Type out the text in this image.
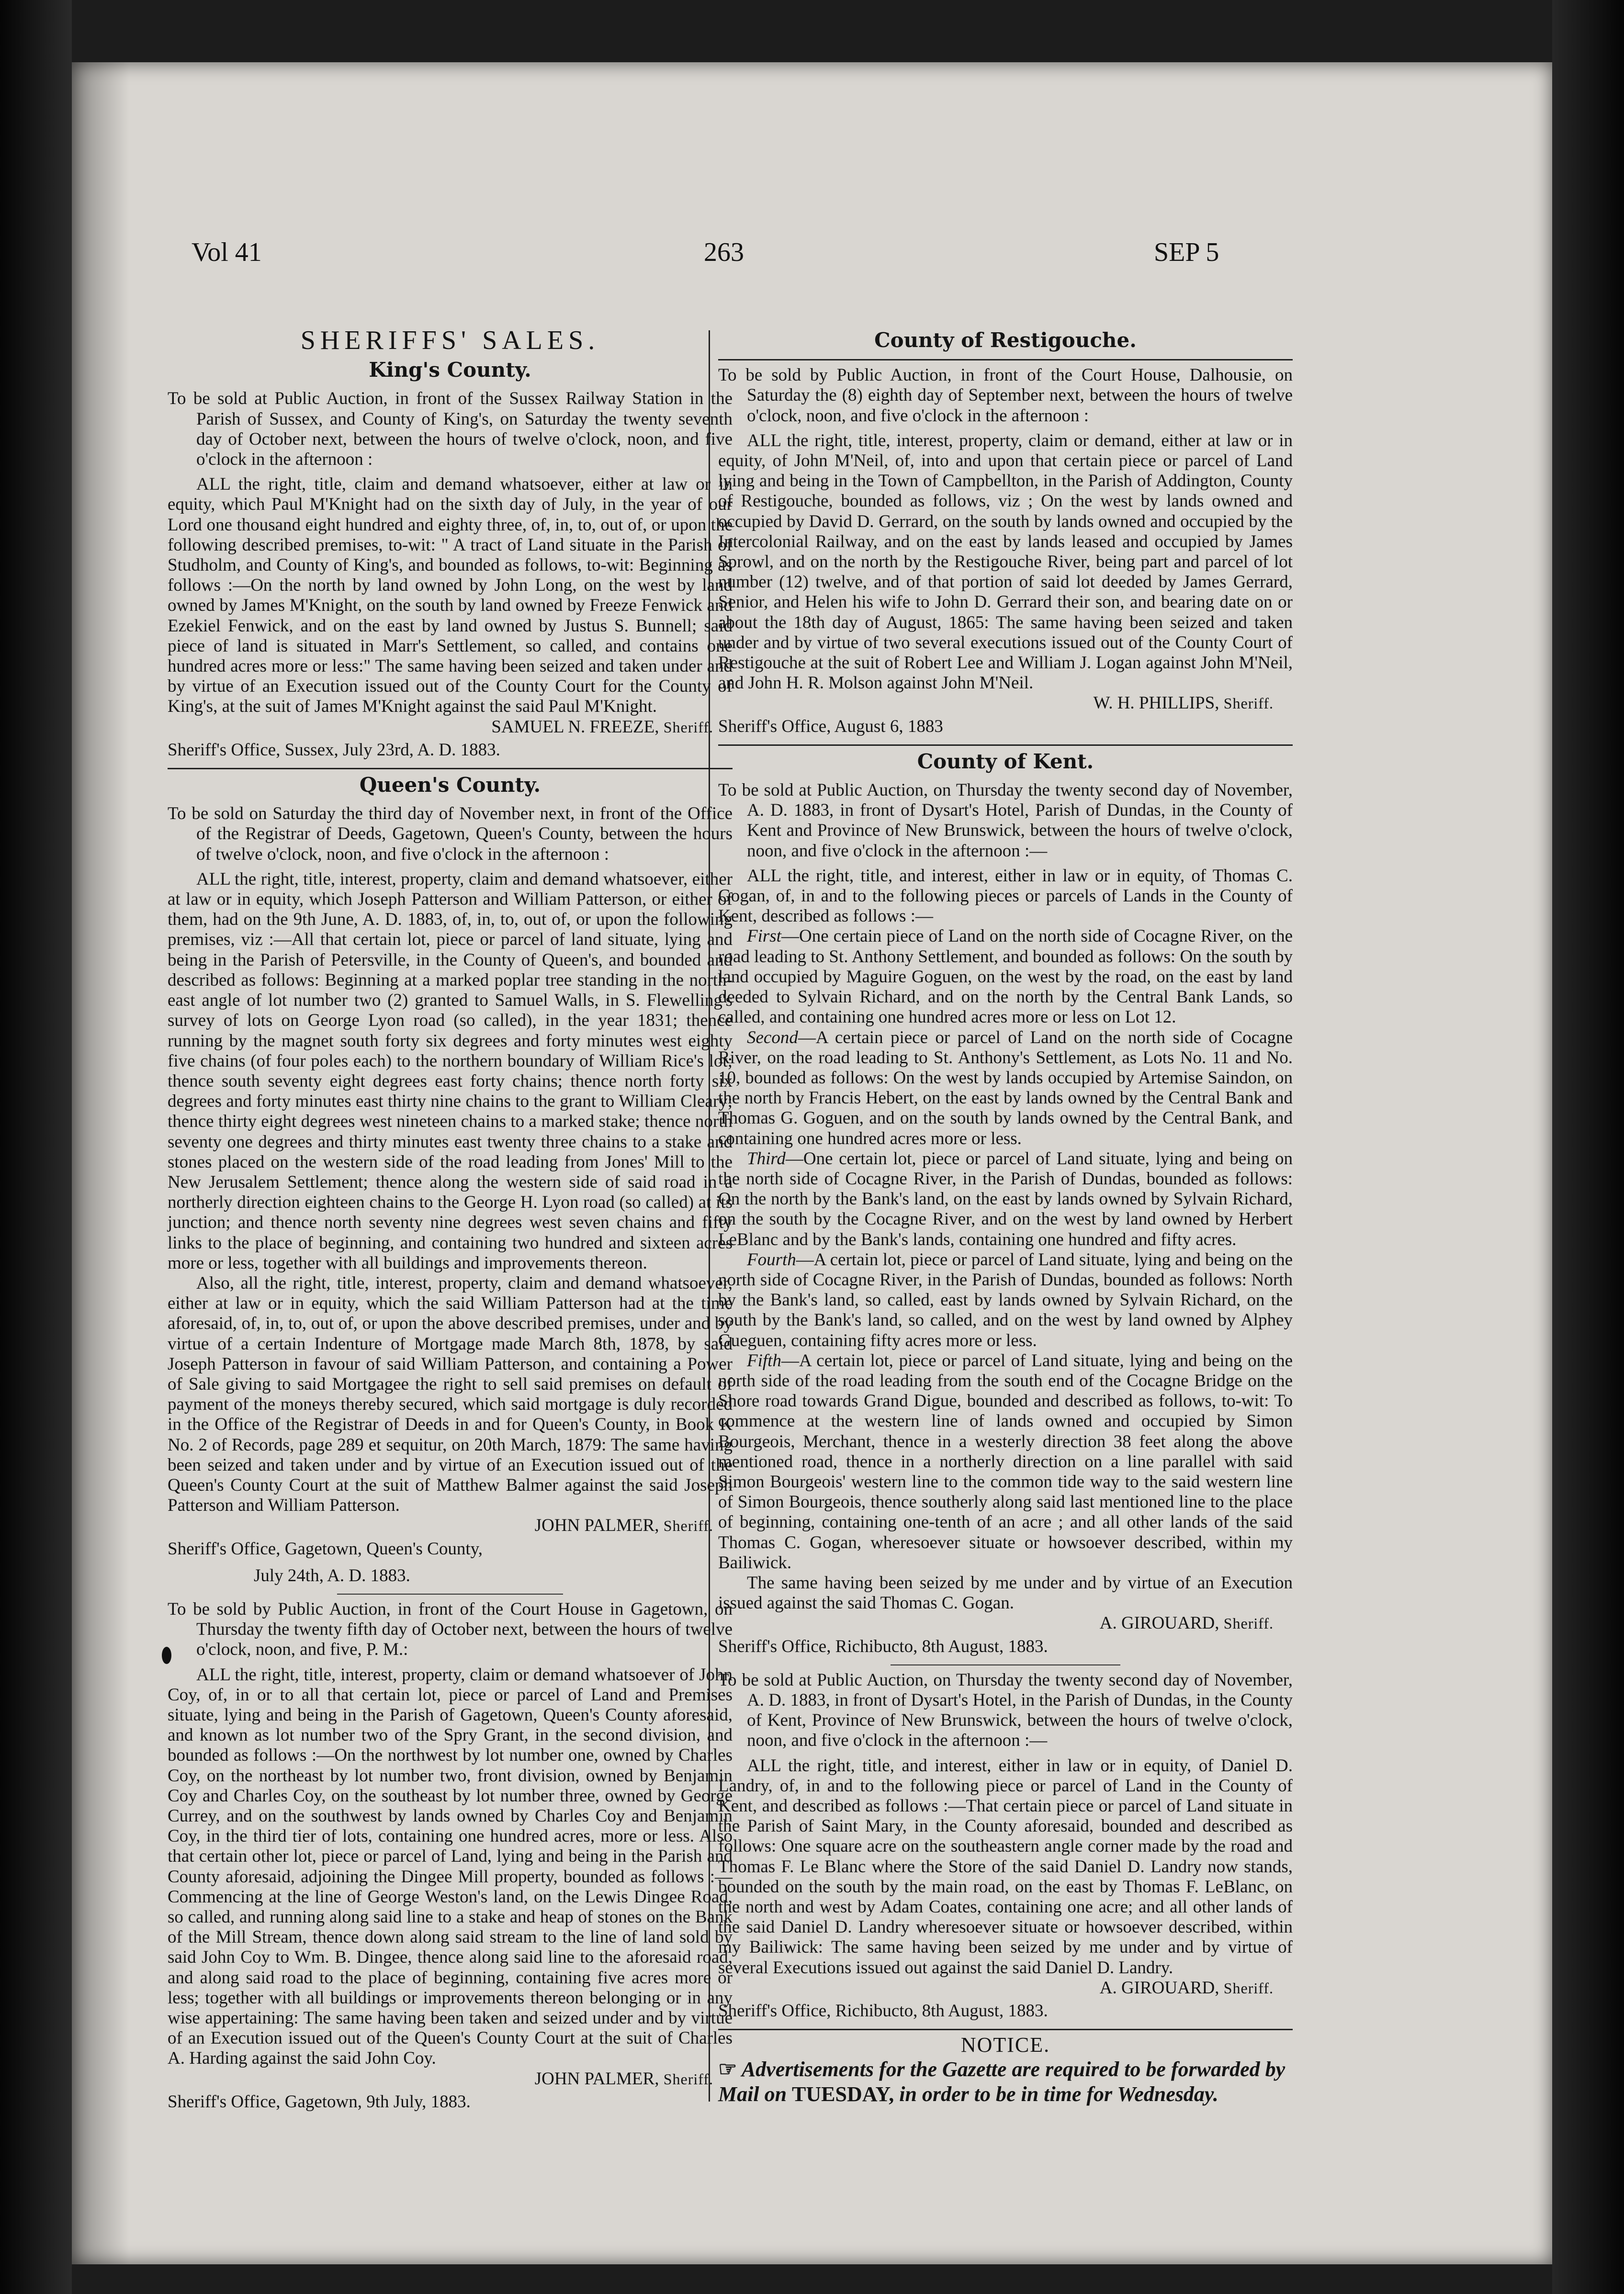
Vol 41	263	SEP 5
SHERIFFS' SALES.
King's County.

To be sold at Public Auction, in front of the Sussex Railway Station in the Parish of Sussex, and County of King's, on Saturday the twenty seventh day of October next, between the hours of twelve o'clock, noon, and five o'clock in the afternoon :

ALL the right, title, claim and demand whatsoever, either at law or in equity, which Paul M'Knight had on the sixth day of July, in the year of our Lord one thousand eight hundred and eighty three, of, in, to, out of, or upon the following described premises, to-wit: " A tract of Land situate in the Parish of Studholm, and County of King's, and bounded as follows, to-wit: Beginning as follows :—On the north by land owned by John Long, on the west by land owned by James M'Knight, on the south by land owned by Freeze Fenwick and Ezekiel Fenwick, and on the east by land owned by Justus S. Bunnell; said piece of land is situated in Marr's Settlement, so called, and contains one hundred acres more or less:" The same having been seized and taken under and by virtue of an Execution issued out of the County Court for the County of King's, at the suit of James M'Knight against the said Paul M'Knight.

SAMUEL N. FREEZE, Sheriff.

Sheriff's Office, Sussex, July 23rd, A. D. 1883.

Queen's County.

To be sold on Saturday the third day of November next, in front of the Office of the Registrar of Deeds, Gagetown, Queen's County, between the hours of twelve o'clock, noon, and five o'clock in the afternoon :

ALL the right, title, interest, property, claim and demand whatsoever, either at law or in equity, which Joseph Patterson and William Patterson, or either of them, had on the 9th June, A. D. 1883, of, in, to, out of, or upon the following premises, viz :—All that certain lot, piece or parcel of land situate, lying and being in the Parish of Petersville, in the County of Queen's, and bounded and described as follows: Beginning at a marked poplar tree standing in the north-east angle of lot number two (2) granted to Samuel Walls, in S. Flewelling's survey of lots on George Lyon road (so called), in the year 1831; thence running by the magnet south forty six degrees and forty minutes west eighty five chains (of four poles each) to the northern boundary of William Rice's lot; thence south seventy eight degrees east forty chains; thence north forty six degrees and forty minutes east thirty nine chains to the grant to William Cleary; thence thirty eight degrees west nineteen chains to a marked stake; thence north seventy one degrees and thirty minutes east twenty three chains to a stake and stones placed on the western side of the road leading from Jones' Mill to the New Jerusalem Settlement; thence along the western side of said road in a northerly direction eighteen chains to the George H. Lyon road (so called) at its junction; and thence north seventy nine degrees west seven chains and fifty links to the place of beginning, and containing two hundred and sixteen acres more or less, together with all buildings and improvements thereon.

Also, all the right, title, interest, property, claim and demand whatsoever, either at law or in equity, which the said William Patterson had at the time aforesaid, of, in, to, out of, or upon the above described premises, under and by virtue of a certain Indenture of Mortgage made March 8th, 1878, by said Joseph Patterson in favour of said William Patterson, and containing a Power of Sale giving to said Mortgagee the right to sell said premises on default of payment of the moneys thereby secured, which said mortgage is duly recorded in the Office of the Registrar of Deeds in and for Queen's County, in Book K No. 2 of Records, page 289 et sequitur, on 20th March, 1879: The same having been seized and taken under and by virtue of an Execution issued out of the Queen's County Court at the suit of Matthew Balmer against the said Joseph Patterson and William Patterson.

JOHN PALMER, Sheriff.

Sheriff's Office, Gagetown, Queen's County,

July 24th, A. D. 1883.

To be sold by Public Auction, in front of the Court House in Gagetown, on Thursday the twenty fifth day of October next, between the hours of twelve o'clock, noon, and five, P. M.:

ALL the right, title, interest, property, claim or demand whatsoever of John Coy, of, in or to all that certain lot, piece or parcel of Land and Premises situate, lying and being in the Parish of Gagetown, Queen's County aforesaid, and known as lot number two of the Spry Grant, in the second division, and bounded as follows :—On the northwest by lot number one, owned by Charles Coy, on the northeast by lot number two, front division, owned by Benjamin Coy and Charles Coy, on the southeast by lot number three, owned by George Currey, and on the southwest by lands owned by Charles Coy and Benjamin Coy, in the third tier of lots, containing one hundred acres, more or less. Also that certain other lot, piece or parcel of Land, lying and being in the Parish and County aforesaid, adjoining the Dingee Mill property, bounded as follows :—Commencing at the line of George Weston's land, on the Lewis Dingee Road, so called, and running along said line to a stake and heap of stones on the Bank of the Mill Stream, thence down along said stream to the line of land sold by said John Coy to Wm. B. Dingee, thence along said line to the aforesaid road, and along said road to the place of beginning, containing five acres more or less; together with all buildings or improvements thereon belonging or in any wise appertaining: The same having been taken and seized under and by virtue of an Execution issued out of the Queen's County Court at the suit of Charles A. Harding against the said John Coy.

JOHN PALMER, Sheriff.

Sheriff's Office, Gagetown, 9th July, 1883.

County of Restigouche.

To be sold by Public Auction, in front of the Court House, Dalhousie, on Saturday the (8) eighth day of September next, between the hours of twelve o'clock, noon, and five o'clock in the afternoon :

ALL the right, title, interest, property, claim or demand, either at law or in equity, of John M'Neil, of, into and upon that certain piece or parcel of Land lying and being in the Town of Campbellton, in the Parish of Addington, County of Restigouche, bounded as follows, viz ; On the west by lands owned and occupied by David D. Gerrard, on the south by lands owned and occupied by the Intercolonial Railway, and on the east by lands leased and occupied by James Sprowl, and on the north by the Restigouche River, being part and parcel of lot number (12) twelve, and of that portion of said lot deeded by James Gerrard, Senior, and Helen his wife to John D. Gerrard their son, and bearing date on or about the 18th day of August, 1865: The same having been seized and taken under and by virtue of two several executions issued out of the County Court of Restigouche at the suit of Robert Lee and William J. Logan against John M'Neil, and John H. R. Molson against John M'Neil.

W. H. PHILLIPS, Sheriff.

Sheriff's Office, August 6, 1883

County of Kent.

To be sold at Public Auction, on Thursday the twenty second day of November, A. D. 1883, in front of Dysart's Hotel, Parish of Dundas, in the County of Kent and Province of New Brunswick, between the hours of twelve o'clock, noon, and five o'clock in the afternoon :—

ALL the right, title, and interest, either in law or in equity, of Thomas C. Gogan, of, in and to the following pieces or parcels of Lands in the County of Kent, described as follows :—

First—One certain piece of Land on the north side of Cocagne River, on the road leading to St. Anthony Settlement, and bounded as follows: On the south by land occupied by Maguire Goguen, on the west by the road, on the east by land deeded to Sylvain Richard, and on the north by the Central Bank Lands, so called, and containing one hundred acres more or less on Lot 12.

Second—A certain piece or parcel of Land on the north side of Cocagne River, on the road leading to St. Anthony's Settlement, as Lots No. 11 and No. 10, bounded as follows: On the west by lands occupied by Artemise Saindon, on the north by Francis Hebert, on the east by lands owned by the Central Bank and Thomas G. Goguen, and on the south by lands owned by the Central Bank, and containing one hundred acres more or less.

Third—One certain lot, piece or parcel of Land situate, lying and being on the north side of Cocagne River, in the Parish of Dundas, bounded as follows: On the north by the Bank's land, on the east by lands owned by Sylvain Richard, on the south by the Cocagne River, and on the west by land owned by Herbert LeBlanc and by the Bank's lands, containing one hundred and fifty acres.

Fourth—A certain lot, piece or parcel of Land situate, lying and being on the north side of Cocagne River, in the Parish of Dundas, bounded as follows: North by the Bank's land, so called, east by lands owned by Sylvain Richard, on the south by the Bank's land, so called, and on the west by land owned by Alphey Gueguen, containing fifty acres more or less.

Fifth—A certain lot, piece or parcel of Land situate, lying and being on the north side of the road leading from the south end of the Cocagne Bridge on the Shore road towards Grand Digue, bounded and described as follows, to-wit: To commence at the western line of lands owned and occupied by Simon Bourgeois, Merchant, thence in a westerly direction 38 feet along the above mentioned road, thence in a northerly direction on a line parallel with said Simon Bourgeois' western line to the common tide way to the said western line of Simon Bourgeois, thence southerly along said last mentioned line to the place of beginning, containing one-tenth of an acre ; and all other lands of the said Thomas C. Gogan, wheresoever situate or howsoever described, within my Bailiwick.

The same having been seized by me under and by virtue of an Execution issued against the said Thomas C. Gogan.

A. GIROUARD, Sheriff.

Sheriff's Office, Richibucto, 8th August, 1883.

To be sold at Public Auction, on Thursday the twenty second day of November, A. D. 1883, in front of Dysart's Hotel, in the Parish of Dundas, in the County of Kent, Province of New Brunswick, between the hours of twelve o'clock, noon, and five o'clock in the afternoon :—

ALL the right, title, and interest, either in law or in equity, of Daniel D. Landry, of, in and to the following piece or parcel of Land in the County of Kent, and described as follows :—That certain piece or parcel of Land situate in the Parish of Saint Mary, in the County aforesaid, bounded and described as follows: One square acre on the southeastern angle corner made by the road and Thomas F. Le Blanc where the Store of the said Daniel D. Landry now stands, bounded on the south by the main road, on the east by Thomas F. LeBlanc, on the north and west by Adam Coates, containing one acre; and all other lands of the said Daniel D. Landry wheresoever situate or howsoever described, within my Bailiwick: The same having been seized by me under and by virtue of several Executions issued out against the said Daniel D. Landry.

A. GIROUARD, Sheriff.

Sheriff's Office, Richibucto, 8th August, 1883.

NOTICE.

☞ Advertisements for the Gazette are required to be forwarded by Mail on TUESDAY, in order to be in time for Wednesday.
